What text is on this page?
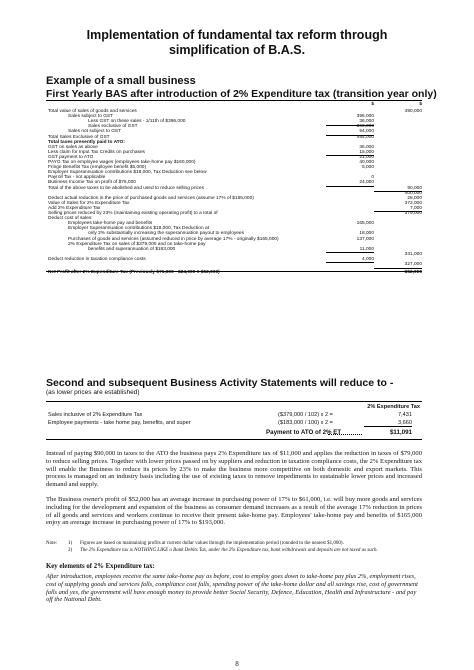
Implementation of fundamental tax reform through
simplification of B.A.S.
Example of a small business
First Yearly BAS after introduction of 2% Expenditure tax (transition year only)
$	$
Total value of sales of goods and services	490,000
Sales subject to GST	396,000
Less GST on these sales - 1/11th of $396,000	36,000
Sales exclusive of GST	360,000
Sales not subject to GST	94,000
Total Sales Exclusive of GST	454,000
Total taxes presently paid to ATO:
GST on sales as above	36,000
Less claim for Input Tax Credits on purchases	15,000
GST payment to ATO	21,000
PAYG Tax on employee wages (employees take-home pay $160,000)	40,000
Fringe Benefits Tax (employee benefit $5,000)	5,000
Employer Superannuation contributions $18,000, Tax Deduction see below
Payroll Tax - not applicable	0
Business Income Tax on profit of $76,000	24,000
Total of the above taxes to be abolished and used to reduce selling prices	90,000
400,000
Deduct actual reduction in the price of purchased goods and services (assume 17% of $165,000)	28,000
Value of Sales for 2% Expenditure Tax	372,000
Add 2% Expenditure Tax	7,000
Selling prices reduced by 23% (maintaining existing operating profit) to a total of	379,000
Deduct cost of sales:
Employees take-home pay and benefits	165,000
Employer Superannuation contributions $18,000, Tax Deduction at
only 2% substantially increasing the superannuation payout to employees	18,000
Purchases of goods and services (assumed reduced in price by average 17% - originally $165,000)	137,000
2% Expenditure Tax on sales of $379,000 and on take-home pay
benefits and superannuation of $183,000	11,000
331,000
Deduct reduction in taxation compliance costs	4,000
327,000
Net Profit after 2% Expenditure Tax (Previously $76,000 - $24,000 = $52,000)	$52,000
Second and subsequent Business Activity Statements will reduce to -
(as lower prices are established)
2% Expenditure Tax
Sales inclusive of 2% Expenditure Tax	($379,000 / 102) x 2 =	7,431
Employee payments - take home pay, benefits, and super	($183,000 / 100) x 2 =	3,660
Payment to ATO of 2% ET	$11,091

Instead of paying $90,000 in taxes to the ATO the business pays 2% Expenditure tax of $11,000 and applies the reduction in taxes of $79,000 to reduce selling prices. Together with lower prices passed on by suppliers and reduction in taxation compliance costs, the 2% Expenditure tax will enable the Business to reduce its prices by 23% to make the business more competitive on both domestic and export markets. This process is managed on an industry basis including the use of existing taxes to remove impediments to sustainable lower prices and increased demand and supply.

The Business owner's profit of $52,000 has an average increase in purchasing power of 17% to $61,000, i.e. will buy more goods and services including for the development and expansion of the business as consumer demand increases as a result of the average 17% reduction in prices of all goods and services and workers continue to receive their present take-home pay. Employees' take-home pay and benefits of $165,000 enjoy an average increase in purchasing power of 17% to $193,000.

Note: 1) Figures are based on maintaining profits at current dollar values through the implementation period (rounded to the nearest $1,000).
2) The 2% Expenditure tax is NOTHING LIKE a Bank Debits Tax, under the 2% Expenditure tax, bank withdrawals and deposits are not taxed as such.
Key elements of 2% Expenditure tax:

After introduction, employees receive the same take-home pay as before, cost to employ goes down to take-home pay plus 2%, employment rises, cost of supplying goods and services falls, compliance cost falls, spending power of the take-home dollar and all savings rise, cost of government falls and yes, the government will have enough money to provide better Social Security, Defence, Education, Health and Infrastructure - and pay off the National Debt.

8
